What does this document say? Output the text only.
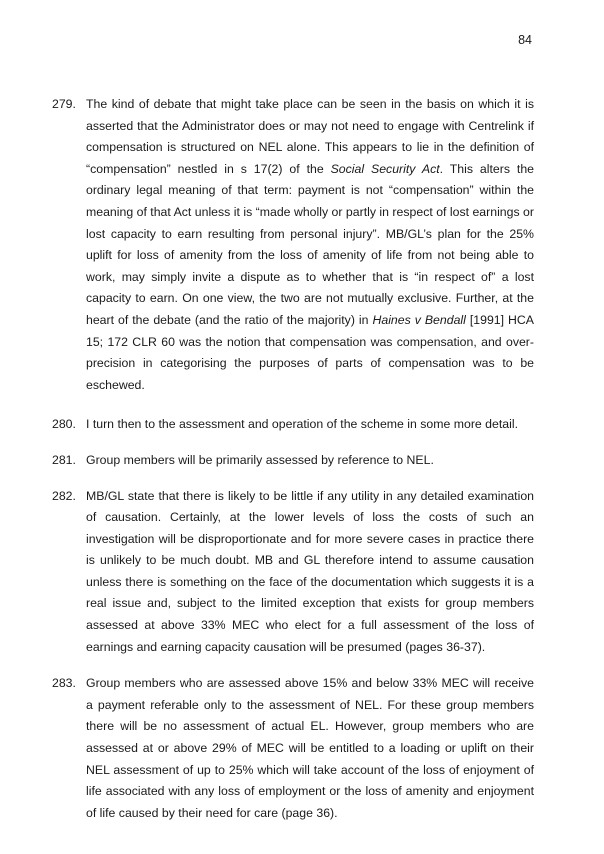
84
279. The kind of debate that might take place can be seen in the basis on which it is asserted that the Administrator does or may not need to engage with Centrelink if compensation is structured on NEL alone. This appears to lie in the definition of “compensation” nestled in s 17(2) of the Social Security Act. This alters the ordinary legal meaning of that term: payment is not “compensation” within the meaning of that Act unless it is “made wholly or partly in respect of lost earnings or lost capacity to earn resulting from personal injury”. MB/GL’s plan for the 25% uplift for loss of amenity from the loss of amenity of life from not being able to work, may simply invite a dispute as to whether that is “in respect of” a lost capacity to earn. On one view, the two are not mutually exclusive. Further, at the heart of the debate (and the ratio of the majority) in Haines v Bendall [1991] HCA 15; 172 CLR 60 was the notion that compensation was compensation, and over-precision in categorising the purposes of parts of compensation was to be eschewed.
280. I turn then to the assessment and operation of the scheme in some more detail.
281. Group members will be primarily assessed by reference to NEL.
282. MB/GL state that there is likely to be little if any utility in any detailed examination of causation. Certainly, at the lower levels of loss the costs of such an investigation will be disproportionate and for more severe cases in practice there is unlikely to be much doubt. MB and GL therefore intend to assume causation unless there is something on the face of the documentation which suggests it is a real issue and, subject to the limited exception that exists for group members assessed at above 33% MEC who elect for a full assessment of the loss of earnings and earning capacity causation will be presumed (pages 36-37).
283. Group members who are assessed above 15% and below 33% MEC will receive a payment referable only to the assessment of NEL. For these group members there will be no assessment of actual EL. However, group members who are assessed at or above 29% of MEC will be entitled to a loading or uplift on their NEL assessment of up to 25% which will take account of the loss of enjoyment of life associated with any loss of employment or the loss of amenity and enjoyment of life caused by their need for care (page 36).
